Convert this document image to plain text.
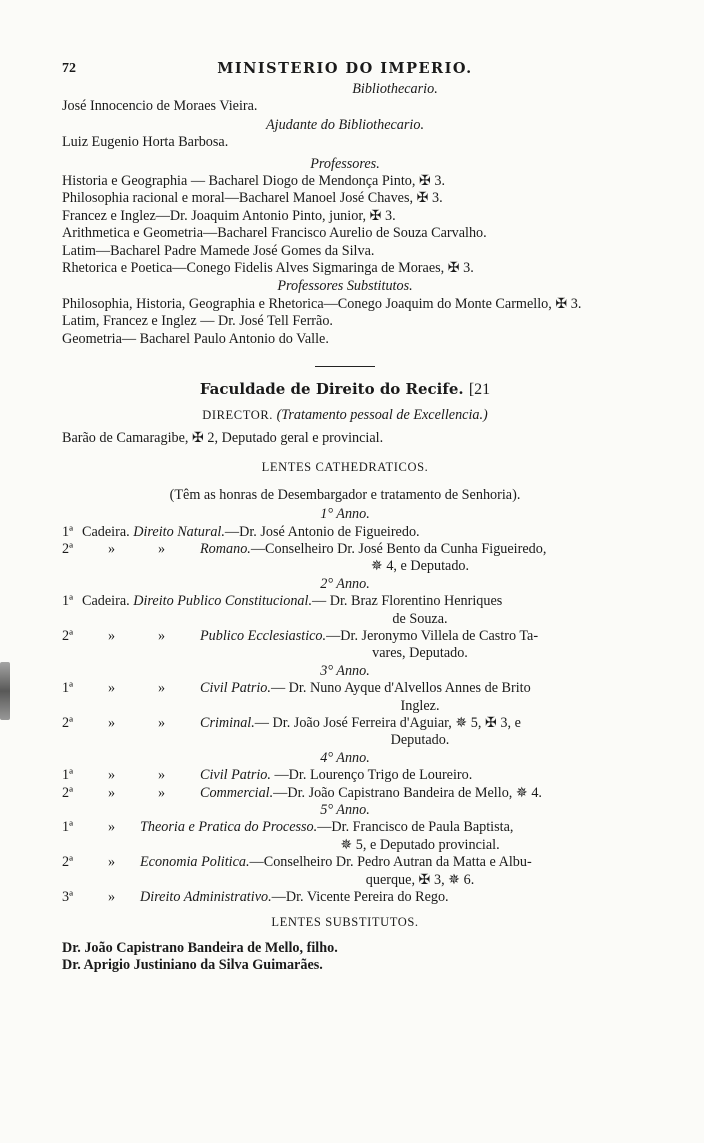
72	MINISTERIO DO IMPERIO.
Bibliothecario.
José Innocencio de Moraes Vieira.
Ajudante do Bibliothecario.
Luiz Eugenio Horta Barbosa.
Professores.
Historia e Geographia — Bacharel Diogo de Mendonça Pinto, ✠ 3.
Philosophia racional e moral—Bacharel Manoel José Chaves, ✠ 3.
Francez e Inglez—Dr. Joaquim Antonio Pinto, junior, ✠ 3.
Arithmetica e Geometria—Bacharel Francisco Aurelio de Souza Carvalho.
Latim—Bacharel Padre Mamede José Gomes da Silva.
Rhetorica e Poetica—Conego Fidelis Alves Sigmaringa de Moraes, ✠ 3.
Professores Substitutos.
Philosophia, Historia, Geographia e Rhetorica—Conego Joaquim do Monte Carmello, ✠ 3.
Latim, Francez e Inglez — Dr. José Tell Ferrão.
Geometria— Bacharel Paulo Antonio do Valle.
Faculdade de Direito do Recife. [21
DIRECTOR. (Tratamento pessoal de Excellencia.)
Barão de Camaragibe, ✠ 2, Deputado geral e provincial.
LENTES CATHEDRATICOS.
(Têm as honras de Desembargador e tratamento de Senhoria).
1° Anno.
1ª Cadeira. Direito Natural.—Dr. José Antonio de Figueiredo.
2ª	»	»	Romano.—Conselheiro Dr. José Bento da Cunha Figueiredo,
✵ 4, e Deputado.
2° Anno.
1ª Cadeira. Direito Publico Constitucional.— Dr. Braz Florentino Henriques
de Souza.
2ª	»	»	Publico Ecclesiastico.—Dr. Jeronymo Villela de Castro Ta-
vares, Deputado.
3° Anno.
1ª	»	»	Civil Patrio.— Dr. Nuno Ayque d'Alvellos Annes de Brito
Inglez.
2ª	»	»	Criminal.— Dr. João José Ferreira d'Aguiar, ✵ 5, ✠ 3, e
Deputado.
4° Anno.
1ª	»	»	Civil Patrio. —Dr. Lourenço Trigo de Loureiro.
2ª	»	»	Commercial.—Dr. João Capistrano Bandeira de Mello, ✵ 4.
5° Anno.
1ª	»	Theoria e Pratica do Processo.—Dr. Francisco de Paula Baptista,
✵ 5, e Deputado provincial.
2ª	»	Economia Politica.—Conselheiro Dr. Pedro Autran da Matta e Albu-
querque, ✠ 3, ✵ 6.
3ª	»	Direito Administrativo.—Dr. Vicente Pereira do Rego.
LENTES SUBSTITUTOS.
Dr. João Capistrano Bandeira de Mello, filho.
Dr. Aprigio Justiniano da Silva Guimarães.
